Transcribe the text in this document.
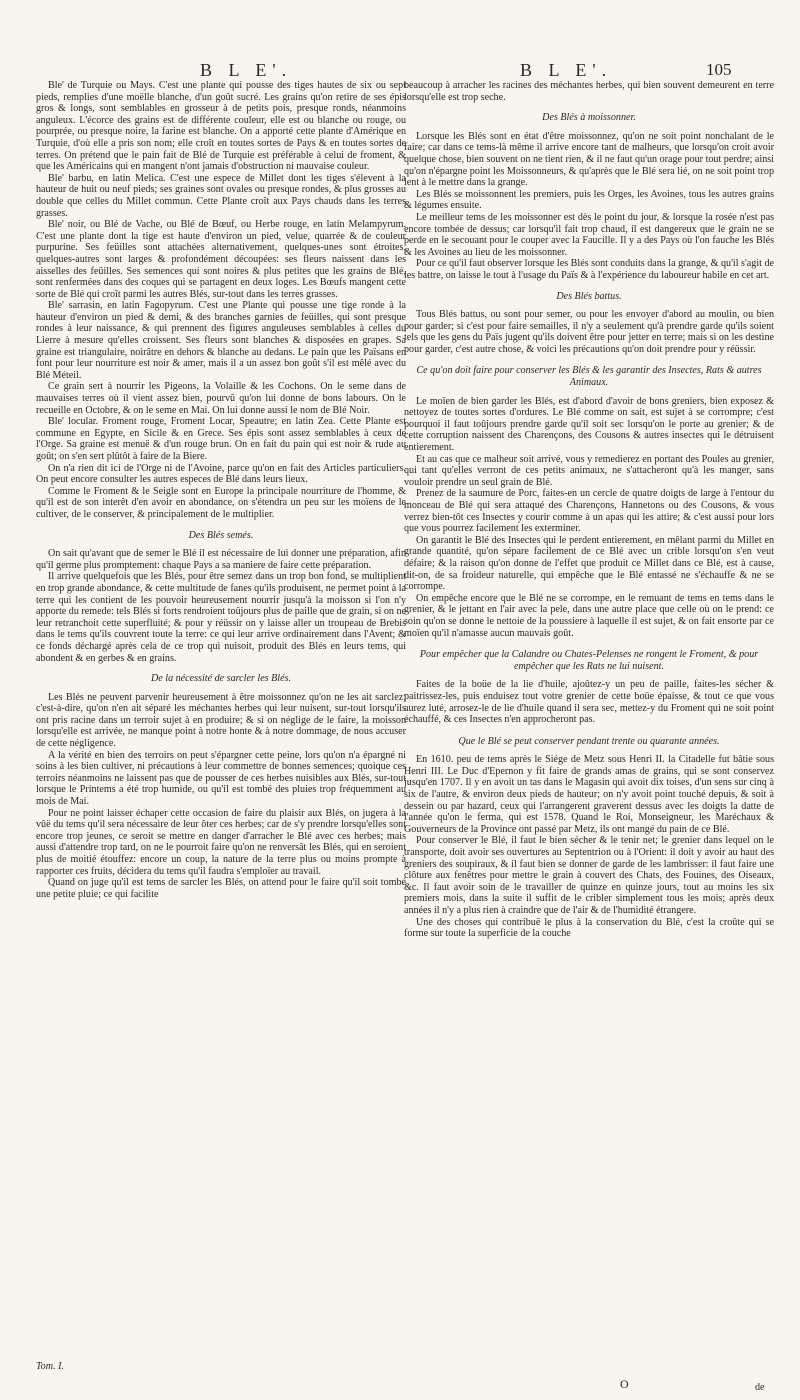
B L E'.	B L E'.	105

Ble' de Turquie ou Mays. C'est une plante qui pousse des tiges hautes de six ou sept pieds, remplies d'une moëlle blanche, d'un goût sucré. Les grains qu'on retire de ses épis gros & longs, sont semblables en grosseur à de petits pois, presque ronds, néanmoins anguleux. L'écorce des grains est de différente couleur, elle est ou blanche ou rouge, ou pourprée, ou presque noire, la farine est blanche. On a apporté cette plante d'Amérique en Turquie, d'où elle a pris son nom; elle croît en toutes sortes de Pays & en toutes sortes de terres. On prétend que le pain fait de Blé de Turquie est préférable à celui de froment, & que les Américains qui en mangent n'ont jamais d'obstruction ni mauvaise couleur.

Ble' barbu, en latin Melica. C'est une espece de Millet dont les tiges s'élevent à la hauteur de huit ou neuf pieds; ses graines sont ovales ou presque rondes, & plus grosses au double que celles du Millet commun. Cette Plante croît aux Pays chauds dans les terres grasses.

Ble' noir, ou Blé de Vache, ou Blé de Bœuf, ou Herbe rouge, en latin Melampyrum. C'est une plante dont la tige est haute d'environ un pied, velue, quarrée & de couleur purpurine. Ses feüilles sont attachées alternativement, quelques-unes sont étroites, quelques-autres sont larges & profondément découpées: ses fleurs naissent dans les aisselles des feüilles. Ses semences qui sont noires & plus petites que les grains de Blé, sont renfermées dans des coques qui se partagent en deux loges. Les Bœufs mangent cette sorte de Blé qui croît parmi les autres Blés, sur-tout dans les terres grasses.

Ble' sarrasin, en latin Fagopyrum. C'est une Plante qui pousse une tige ronde à la hauteur d'environ un pied & demi, & des branches garnies de feüilles, qui sont presque rondes à leur naissance, & qui prennent des figures anguleuses semblables à celles du Lierre à mesure qu'elles croissent. Ses fleurs sont blanches & disposées en grapes. Sa graine est triangulaire, noirâtre en dehors & blanche au dedans. Le pain que les Païsans en font pour leur nourriture est noir & amer, mais il a un assez bon goût s'il est mêlé avec du Blé Méteil.

Ce grain sert à nourrir les Pigeons, la Volaille & les Cochons. On le seme dans de mauvaises terres où il vient assez bien, pourvû qu'on lui donne de bons labours. On le recueille en Octobre, & on le seme en Mai. On lui donne aussi le nom de Blé Noir.

Ble' locular. Froment rouge, Froment Locar, Speautre; en latin Zea. Cette Plante est commune en Egypte, en Sicile & en Grece. Ses épis sont assez semblables à ceux de l'Orge. Sa graine est menuë & d'un rouge brun. On en fait du pain qui est noir & rude au goût; on s'en sert plûtôt à faire de la Biere.

On n'a rien dit ici de l'Orge ni de l'Avoine, parce qu'on en fait des Articles particuliers. On peut encore consulter les autres especes de Blé dans leurs lieux.

Comme le Froment & le Seigle sont en Europe la principale nourriture de l'homme, & qu'il est de son interêt d'en avoir en abondance, on s'étendra un peu sur les moïens de le cultiver, de le conserver, & principalement de le multiplier.

Des Blés semés.

On sait qu'avant que de semer le Blé il est nécessaire de lui donner une préparation, afin qu'il germe plus promptement: chaque Pays a sa maniere de faire cette préparation.

Il arrive quelquefois que les Blés, pour être semez dans un trop bon fond, se multiplient en trop grande abondance, & cette multitude de fanes qu'ils produisent, ne permet point à la terre qui les contient de les pouvoir heureusement nourrir jusqu'à la moisson si l'on n'y apporte du remede: tels Blés si forts rendroient toûjours plus de paille que de grain, si on ne leur retranchoit cette superfluité; & pour y réüssir on y laisse aller un troupeau de Brebis dans le tems qu'ils couvrent toute la terre: ce qui leur arrive ordinairement dans l'Avent; & ce fonds déchargé après cela de ce trop qui nuisoit, produit des Blés en leurs tems, qui abondent & en gerbes & en grains.

De la nécessité de sarcler les Blés.

Les Blés ne peuvent parvenir heureusement à être moissonnez qu'on ne les ait sarclez; c'est-à-dire, qu'on n'en ait séparé les méchantes herbes qui leur nuisent, sur-tout lorsqu'ils ont pris racine dans un terroir sujet à en produire; & si on néglige de le faire, la moisson lorsqu'elle est arrivée, ne manque point à notre honte & à notre dommage, de nous accuser de cette négligence.

A la vérité en bien des terroirs on peut s'épargner cette peine, lors qu'on n'a épargné ni soins à les bien cultiver, ni précautions à leur commettre de bonnes semences; quoique ces terroirs néanmoins ne laissent pas que de pousser de ces herbes nuisibles aux Blés, sur-tout lorsque le Printems a été trop humide, ou qu'il est tombé des pluies trop fréquemment au mois de Mai.

Pour ne point laisser échaper cette occasion de faire du plaisir aux Blés, on jugera à la vûë du tems qu'il sera nécessaire de leur ôter ces herbes; car de s'y prendre lorsqu'elles sont encore trop jeunes, ce seroit se mettre en danger d'arracher le Blé avec ces herbes; mais aussi d'attendre trop tard, on ne le pourroit faire qu'on ne renversât les Blés, qui en seroient plus de moitié étouffez: encore un coup, la nature de la terre plus ou moins prompte à rapporter ces fruits, décidera du tems qu'il faudra s'emploïer au travail.

Quand on juge qu'il est tems de sarcler les Blés, on attend pour le faire qu'il soit tombé une petite pluie; ce qui facilite

beaucoup à arracher les racines des méchantes herbes, qui bien souvent demeurent en terre lorsqu'elle est trop seche.

Des Blés à moissonner.

Lorsque les Blés sont en état d'être moissonnez, qu'on ne soit point nonchalant de le faire; car dans ce tems-là même il arrive encore tant de malheurs, que lorsqu'on croit avoir quelque chose, bien souvent on ne tient rien, & il ne faut qu'un orage pour tout perdre; ainsi qu'on n'épargne point les Moissonneurs, & qu'après que le Blé sera lié, on ne soit point trop lent à le mettre dans la grange.

Les Blés se moissonnent les premiers, puis les Orges, les Avoines, tous les autres grains & légumes ensuite.

Le meilleur tems de les moissonner est dès le point du jour, & lorsque la rosée n'est pas encore tombée de dessus; car lorsqu'il fait trop chaud, il est dangereux que le grain ne se perde en le secouant pour le couper avec la Faucille. Il y a des Pays où l'on fauche les Blés & les Avoines au lieu de les moissonner.

Pour ce qu'il faut observer lorsque les Blés sont conduits dans la grange, & qu'il s'agit de les battre, on laisse le tout à l'usage du Païs & à l'expérience du laboureur habile en cet art.

Des Blés battus.

Tous Blés battus, ou sont pour semer, ou pour les envoyer d'abord au moulin, ou bien pour garder; si c'est pour faire semailles, il n'y a seulement qu'à prendre garde qu'ils soient tels que les gens du Païs jugent qu'ils doivent être pour jetter en terre; mais si on les destine pour garder, c'est autre chose, & voici les précautions qu'on doit prendre pour y réüssir.

Ce qu'on doit faire pour conserver les Blés & les garantir des Insectes, Rats & autres Animaux.

Le moïen de bien garder les Blés, est d'abord d'avoir de bons greniers, bien exposez & nettoyez de toutes sortes d'ordures. Le Blé comme on sait, est sujet à se corrompre; c'est pourquoi il faut toûjours prendre garde qu'il soit sec lorsqu'on le porte au grenier; & de cette corruption naissent des Charençons, des Cousons & autres insectes qui le détruisent entierement.

Et au cas que ce malheur soit arrivé, vous y remedierez en portant des Poules au grenier, qui tant qu'elles verront de ces petits animaux, ne s'attacheront qu'à les manger, sans vouloir prendre un seul grain de Blé.

Prenez de la saumure de Porc, faites-en un cercle de quatre doigts de large à l'entour du monceau de Blé qui sera attaqué des Charençons, Hannetons ou des Cousons, & vous verrez bien-tôt ces Insectes y courir comme à un apas qui les attire; & c'est aussi pour lors que vous pourrez facilement les exterminer.

On garantit le Blé des Insectes qui le perdent entierement, en mêlant parmi du Millet en grande quantité, qu'on sépare facilement de ce Blé avec un crible lorsqu'on s'en veut défaire; & la raison qu'on donne de l'effet que produit ce Millet dans ce Blé, est à cause, dit-on, de sa froideur naturelle, qui empêche que le Blé entassé ne s'échauffe & ne se corrompe.

On empêche encore que le Blé ne se corrompe, en le remuant de tems en tems dans le grenier, & le jettant en l'air avec la pele, dans une autre place que celle où on le prend: ce soin qu'on se donne le nettoie de la poussiere à laquelle il est sujet, & on fait ensorte par ce moïen qu'il n'amasse aucun mauvais goût.

Pour empêcher que la Calandre ou Chates-Pelenses ne rongent le Froment, & pour empêcher que les Rats ne lui nuisent.

Faites de la boüe de la lie d'huile, ajoûtez-y un peu de paille, faites-les sécher & paitrissez-les, puis enduisez tout votre grenier de cette boüe épaisse, & tout ce que vous aurez luté, arrosez-le de lie d'huile quand il sera sec, mettez-y du Froment qui ne soit point échauffé, & ces Insectes n'en approcheront pas.

Que le Blé se peut conserver pendant trente ou quarante années.

En 1610. peu de tems après le Siége de Metz sous Henri II. la Citadelle fut bâtie sous Henri III. Le Duc d'Epernon y fit faire de grands amas de grains, qui se sont conservez jusqu'en 1707. Il y en avoit un tas dans le Magasin qui avoit dix toises, d'un sens sur cinq à six de l'autre, & environ deux pieds de hauteur; on n'y avoit point touché depuis, & soit à dessein ou par hazard, ceux qui l'arrangerent graverent dessus avec les doigts la datte de l'année qu'on le ferma, qui est 1578. Quand le Roi, Monseigneur, les Maréchaux & Gouverneurs de la Province ont passé par Metz, ils ont mangé du pain de ce Blé.

Pour conserver le Blé, il faut le bien sécher & le tenir net; le grenier dans lequel on le transporte, doit avoir ses ouvertures au Septentrion ou à l'Orient: il doit y avoir au haut des greniers des soupiraux, & il faut bien se donner de garde de les lambrisser: il faut faire une clôture aux fenêtres pour mettre le grain à couvert des Chats, des Fouines, des Oiseaux, &c. Il faut avoir soin de le travailler de quinze en quinze jours, tout au moins les six premiers mois, dans la suite il suffit de le cribler simplement tous les mois; après deux années il n'y a plus rien à craindre que de l'air & de l'humidité étrangere.

Une des choses qui contribuë le plus à la conservation du Blé, c'est la croûte qui se forme sur toute la superficie de la couche

Tom. I.
O	de
